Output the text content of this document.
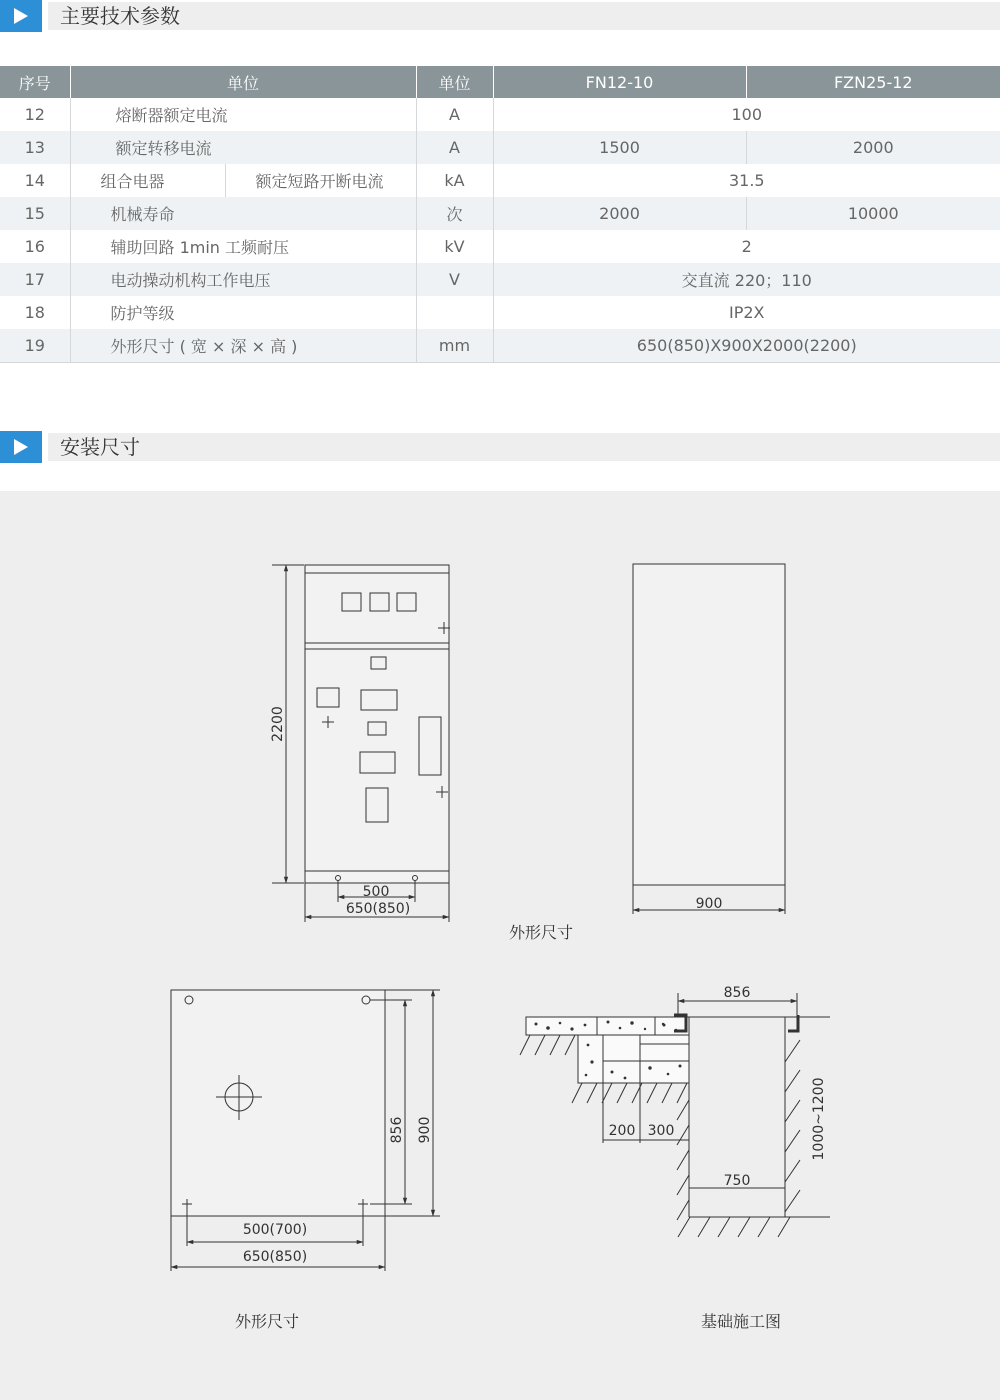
主要技术参数
序号	单位		单位	FN12-10	FZN25-12
12	熔断器额定电流		A	100	
13	额定转移电流		A	1500	2000
14	组合电器	额定短路开断电流	kA	31.5	
15	机械寿命		次	2000	10000
16	辅助回路 1min 工频耐压		kV	2	
17	电动操动机构工作电压		V	交直流 220；110	
18	防护等级			IP2X	
19	外形尺寸 ( 宽 × 深 × 高 )		mm	650(850)X900X2000(2200)	
安装尺寸
2200
500
650(850)	900
856 900
500(700)
650(850)
856
200 300
750
1000~1200
外形尺寸
外形尺寸	基础施工图
